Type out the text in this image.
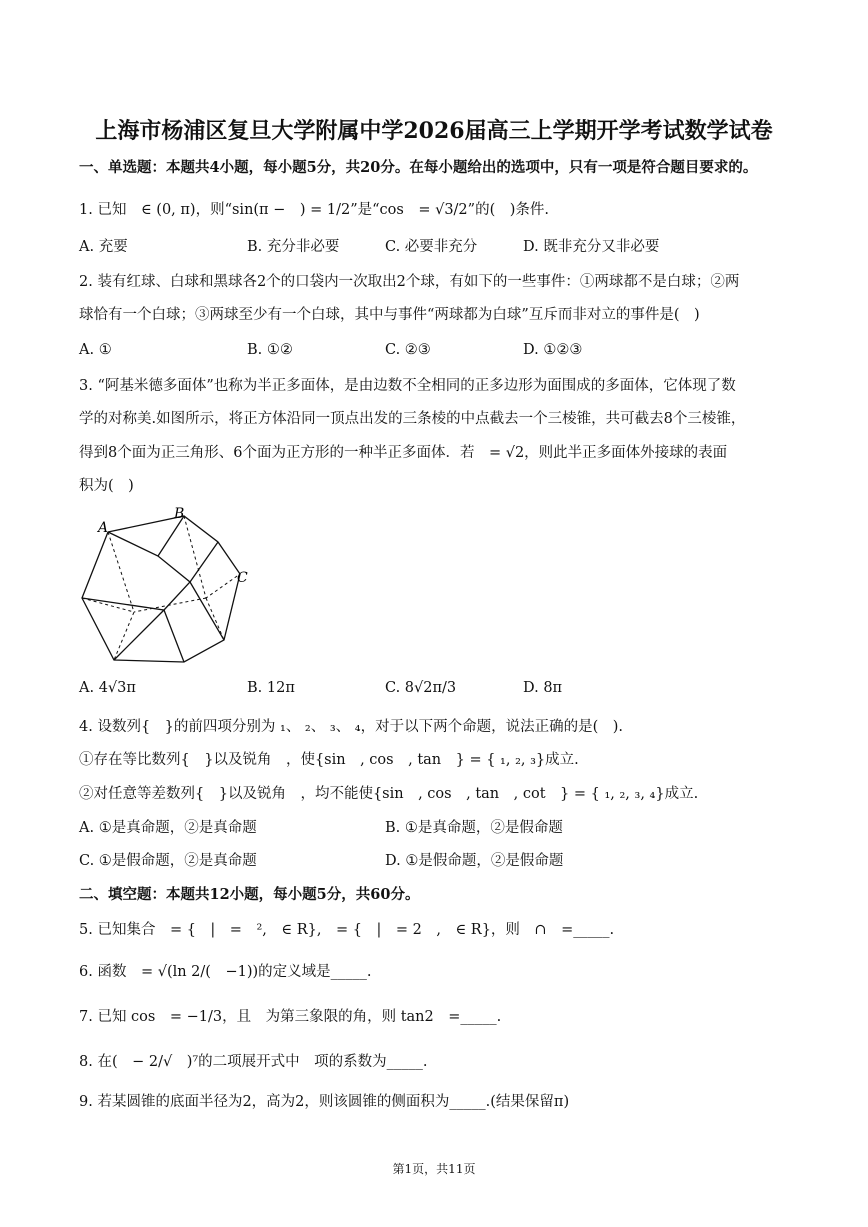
上海市杨浦区复旦大学附属中学2026届高三上学期开学考试数学试卷
一、单选题：本题共4小题，每小题5分，共20分。在每小题给出的选项中，只有一项是符合题目要求的。
1. 已知　∈ (0, π)，则“sin(π −　) = 1/2”是“cos　= √3/2”的(　)条件.
A. 充要	B. 充分非必要	C. 必要非充分	D. 既非充分又非必要
2. 装有红球、白球和黑球各2个的口袋内一次取出2个球，有如下的一些事件：①两球都不是白球；②两
球恰有一个白球；③两球至少有一个白球，其中与事件“两球都为白球”互斥而非对立的事件是(　)
A. ①	B. ①②	C. ②③	D. ①②③
3. “阿基米德多面体”也称为半正多面体，是由边数不全相同的正多边形为面围成的多面体，它体现了数
学的对称美.如图所示，将正方体沿同一顶点出发的三条棱的中点截去一个三棱锥，共可截去8个三棱锥，
得到8个面为正三角形、6个面为正方形的一种半正多面体．若　= √2，则此半正多面体外接球的表面
积为(　)
A
B
C
A. 4√3π	B. 12π	C. 8√2π/3	D. 8π
4. 设数列{　}的前四项分别为 ₁、 ₂、 ₃、 ₄，对于以下两个命题，说法正确的是(　).
①存在等比数列{　}以及锐角　，使{sin　, cos　, tan　} = { ₁, ₂, ₃}成立.
②对任意等差数列{　}以及锐角　，均不能使{sin　, cos　, tan　, cot　} = { ₁, ₂, ₃, ₄}成立.
A. ①是真命题，②是真命题	B. ①是真命题，②是假命题
C. ①是假命题，②是真命题	D. ①是假命题，②是假命题
二、填空题：本题共12小题，每小题5分，共60分。
5. 已知集合　= {　|　=　²,　∈ R},　= {　|　= 2　,　∈ R}，则　∩　=_____.
6. 函数　= √(ln 2/(　−1))的定义域是_____.
7. 已知 cos　= −1/3，且　为第三象限的角，则 tan2　=_____.
8. 在(　− 2/√　)⁷的二项展开式中　项的系数为_____.
9. 若某圆锥的底面半径为2，高为2，则该圆锥的侧面积为_____.(结果保留π)
第1页，共11页
